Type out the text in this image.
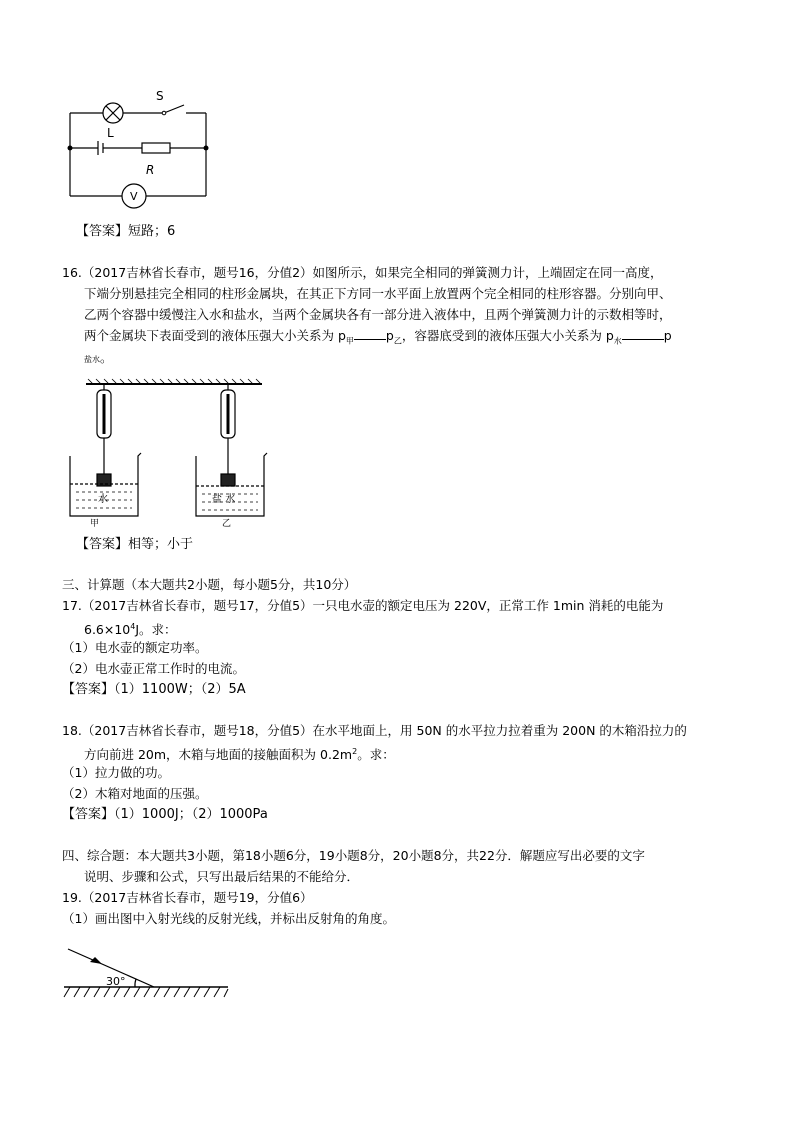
S
L
R
V
【答案】短路；6
16.（2017吉林省长春市，题号16，分值2）如图所示，如果完全相同的弹簧测力计，上端固定在同一高度，
下端分别悬挂完全相同的柱形金属块，在其正下方同一水平面上放置两个完全相同的柱形容器。分别向甲、
乙两个容器中缓慢注入水和盐水，当两个金属块各有一部分进入液体中，且两个弹簧测力计的示数相等时，
两个金属块下表面受到的液体压强大小关系为 $p_甲$	$p_乙$，容器底受到的液体压强大小关系为 $p_水$	p
盐水。
水	盐 水
甲	乙
【答案】相等；小于
三、计算题（本大题共2小题，每小题5分，共10分）
17.（2017吉林省长春市，题号17，分值5）一只电水壶的额定电压为 220V，正常工作 1min 消耗的电能为
$6.6\times 10^4J$。求：
（1）电水壶的额定功率。
（2）电水壶正常工作时的电流。
【答案】（1）1100W；（2）5A
18.（2017吉林省长春市，题号18，分值5）在水平地面上，用 50N 的水平拉力拉着重为 200N 的木箱沿拉力的
方向前进 20m，木箱与地面的接触面积为 $0.2m^2$。求：
（1）拉力做的功。
（2）木箱对地面的压强。
【答案】（1）1000J；（2）1000Pa
四、综合题：本大题共3小题，第18小题6分，19小题8分，20小题8分，共22分．解题应写出必要的文字
说明、步骤和公式，只写出最后结果的不能给分．
19.（2017吉林省长春市，题号19，分值6）
（1）画出图中入射光线的反射光线，并标出反射角的角度。
30°
